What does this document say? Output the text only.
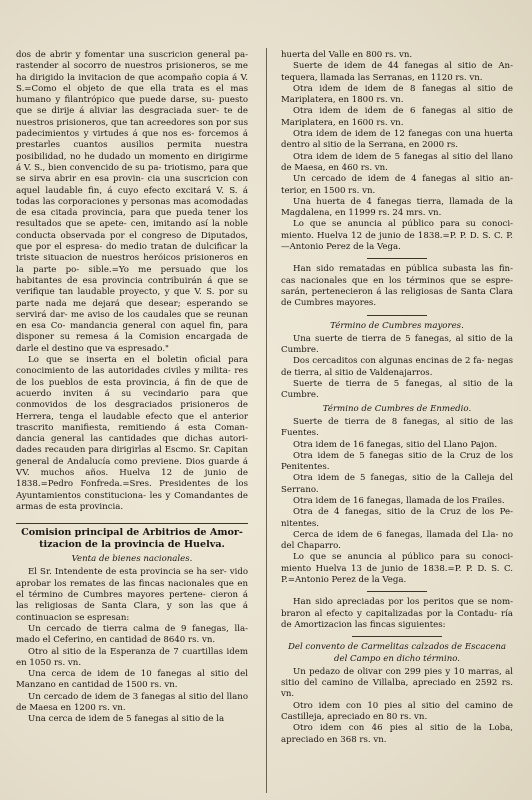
dos de abrir y fomentar una suscricion general pa- rastender al socorro de nuestros prisioneros, se me ha dirigido la invitacion de que acompaño copia á V. S.=Como el objeto de que ella trata es el mas humano y filantrópico que puede darse, su- puesto que se dirije á aliviar las desgraciada suer- te de nuestros prisioneros, que tan acreedores son por sus padecimientos y virtudes á que nos es- forcemos á prestarles cuantos ausilios permita nuestra posibilidad, no he dudado un momento en dirigirme á V. S., bien convencido de su pa- triotismo, para que se sirva abrir en esa provin- cia una suscricion con aquel laudable fin, á cuyo efecto excitará V. S. á todas las corporaciones y personas mas acomodadas de esa citada provincia, para que pueda tener los resultados que se apete- cen, imitando así la noble conducta observada por el congreso de Diputados, que por el espresa- do medio tratan de dulcificar la triste situacion de nuestros heróicos prisioneros en la parte po- sible.=Yo me persuado que los habitantes de esa provincia contribuirán á que se verifique tan laudable proyecto, y que V. S. por su parte nada me dejará que desear; esperando se servirá dar- me aviso de los caudales que se reunan en esa Co- mandancia general con aquel fin, para disponer su remesa á la Comision encargada de darle el destino que va espresado."

Lo que se inserta en el boletin oficial para conocimiento de las autoridades civiles y milita- res de los pueblos de esta provincia, á fin de que de acuerdo inviten á su vecindario para que conmovidos de los desgraciados prisioneros de Herrera, tenga el laudable efecto que el anterior trascrito manifiesta, remitiendo á esta Coman- dancia general las cantidades que dichas autori- dades recauden para dirigirlas al Escmo. Sr. Capitan general de Andalucía como previene. Dios guarde á VV. muchos años. Huelva 12 de junio de 1838.=Pedro Fonfreda.=Sres. Presidentes de los Ayuntamientos constituciona- les y Comandantes de armas de esta provincia.

Comision principal de Arbitrios de Amor- tizacion de la provincia de Huelva.
Venta de bienes nacionales.

El Sr. Intendente de esta provincia se ha ser- vido aprobar los remates de las fincas nacionales que en el término de Cumbres mayores pertene- cieron á las religiosas de Santa Clara, y son las que á continuacion se espresan:

Un cercado de tierra calma de 9 fanegas, lla- mado el Ceferino, en cantidad de 8640 rs. vn.

Otro al sitio de la Esperanza de 7 cuartillas idem en 1050 rs. vn.

Una cerca de idem de 10 fanegas al sitio del Manzano en cantidad de 1500 rs. vn.

Un cercado de idem de 3 fanegas al sitio del llano de Maesa en 1200 rs. vn.

Una cerca de idem de 5 fanegas al sitio de la

huerta del Valle en 800 rs. vn.

Suerte de idem de 44 fanegas al sitio de An- tequera, llamada las Serranas, en 1120 rs. vn.

Otra idem de idem de 8 fanegas al sitio de Mariplatera, en 1800 rs. vn.

Otra idem de idem de 6 fanegas al sitio de Mariplatera, en 1600 rs. vn.

Otra idem de idem de 12 fanegas con una huerta dentro al sitio de la Serrana, en 2000 rs.

Otra idem de idem de 5 fanegas al sitio del llano de Maesa, en 460 rs. vn.

Un cercado de idem de 4 fanegas al sitio an- terior, en 1500 rs. vn.

Una huerta de 4 fanegas tierra, llamada de la Magdalena, en 11999 rs. 24 mrs. vn.

Lo que se anuncia al público para su conoci- miento. Huelva 12 de junio de 1838.=P. P. D. S. C. P.—Antonio Perez de la Vega.

Han sido rematadas en pública subasta las fin- cas nacionales que en los términos que se espre- sarán, pertenecieron á las religiosas de Santa Clara de Cumbres mayores.

Término de Cumbres mayores.

Una suerte de tierra de 5 fanegas, al sitio de la Cumbre.

Dos cercaditos con algunas encinas de 2 fa- negas de tierra, al sitio de Valdenajarros.

Suerte de tierra de 5 fanegas, al sitio de la Cumbre.

Término de Cumbres de Enmedio.

Suerte de tierra de 8 fanegas, al sitio de las Fuentes.

Otra idem de 16 fanegas, sitio del Llano Pajon.

Otra idem de 5 fanegas sitio de la Cruz de los Penitentes.

Otra idem de 5 fanegas, sitio de la Calleja del Serrano.

Otra idem de 16 fanegas, llamada de los Frailes.

Otra de 4 fanegas, sitio de la Cruz de los Pe- nitentes.

Cerca de idem de 6 fanegas, llamada del Lla- no del Chaparro.

Lo que se anuncia al público para su conoci- miento Huelva 13 de junio de 1838.=P. P. D. S. C. P.=Antonio Perez de la Vega.

Han sido apreciadas por los peritos que se nom- braron al efecto y capitalizadas por la Contadu- ría de Amortizacion las fincas siguientes:

Del convento de Carmelitas calzados de Escacena del Campo en dicho término.

Un pedazo de olivar con 299 pies y 10 marras, al sitio del camino de Villalba, apreciado en 2592 rs. vn.

Otro idem con 10 pies al sitio del camino de Castilleja, apreciado en 80 rs. vn.

Otro idem con 46 pies al sitio de la Loba, apreciado en 368 rs. vn.
